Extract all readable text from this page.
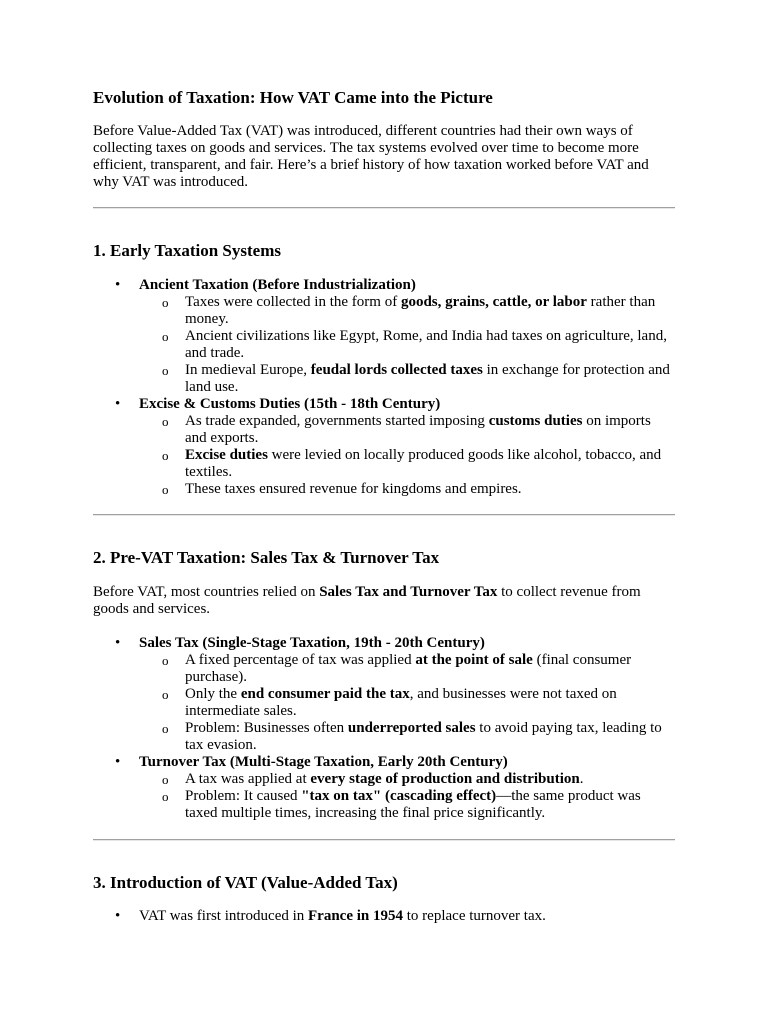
Evolution of Taxation: How VAT Came into the Picture

Before Value-Added Tax (VAT) was introduced, different countries had their own ways of collecting taxes on goods and services. The tax systems evolved over time to become more efficient, transparent, and fair. Here’s a brief history of how taxation worked before VAT and why VAT was introduced.

1. Early Taxation Systems
• Ancient Taxation (Before Industrialization)
o Taxes were collected in the form of goods, grains, cattle, or labor rather than money.
o Ancient civilizations like Egypt, Rome, and India had taxes on agriculture, land, and trade.
o In medieval Europe, feudal lords collected taxes in exchange for protection and land use.
• Excise & Customs Duties (15th - 18th Century)
o As trade expanded, governments started imposing customs duties on imports and exports.
o Excise duties were levied on locally produced goods like alcohol, tobacco, and textiles.
o These taxes ensured revenue for kingdoms and empires.
2. Pre-VAT Taxation: Sales Tax & Turnover Tax

Before VAT, most countries relied on Sales Tax and Turnover Tax to collect revenue from goods and services.

• Sales Tax (Single-Stage Taxation, 19th - 20th Century)
o A fixed percentage of tax was applied at the point of sale (final consumer purchase).
o Only the end consumer paid the tax, and businesses were not taxed on intermediate sales.
o Problem: Businesses often underreported sales to avoid paying tax, leading to tax evasion.
• Turnover Tax (Multi-Stage Taxation, Early 20th Century)
o A tax was applied at every stage of production and distribution.
o Problem: It caused "tax on tax" (cascading effect)—the same product was taxed multiple times, increasing the final price significantly.
3. Introduction of VAT (Value-Added Tax)
• VAT was first introduced in France in 1954 to replace turnover tax.
